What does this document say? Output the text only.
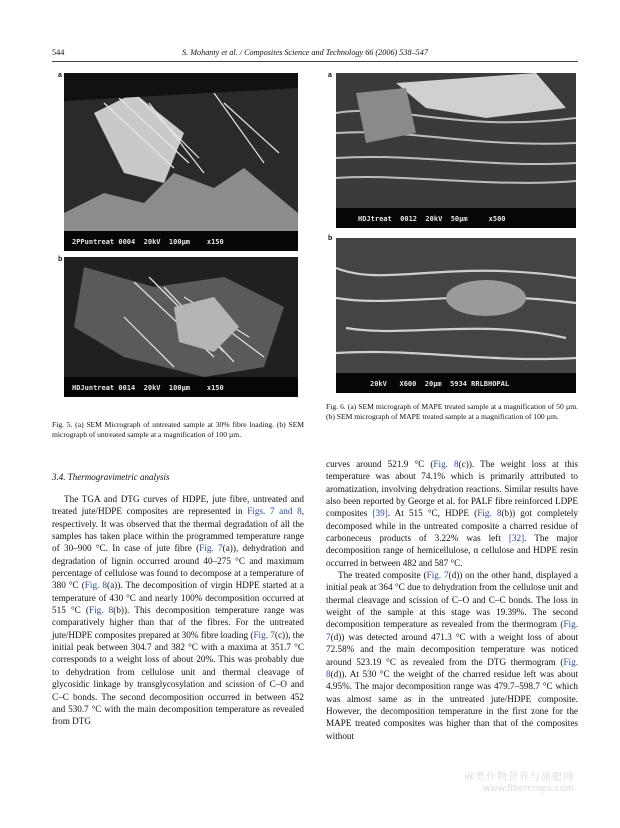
544	S. Mohanty et al. / Composites Science and Technology 66 (2006) 538–547
a
2PPuntreat 0004  20kV  100µm    x150
b
HDJuntreat 0014  20kV  100µm    x150
Fig. 5. (a) SEM Micrograph of untreated sample at 30% fibre loading. (b) SEM micrograph of untreated sample at a magnification of 100 µm.
a
HDJtreat  0012  20kV  50µm     x500
b
20kV   X600  20µm  5934 RRLBHOPAL
Fig. 6. (a) SEM micrograph of MAPE treated sample at a magnification of 50 µm. (b) SEM micrograph of MAPE treated sample at a magnification of 100 µm.
3.4. Thermogravimetric analysis

The TGA and DTG curves of HDPE, jute fibre, untreated and treated jute/HDPE composites are represented in Figs. 7 and 8, respectively. It was observed that the thermal degradation of all the samples has taken place within the programmed temperature range of 30–900 °C. In case of jute fibre (Fig. 7(a)), dehydration and degradation of lignin occurred around 40–275 °C and maximum percentage of cellulose was found to decompose at a temperature of 380 °C (Fig. 8(a)). The decomposition of virgin HDPE started at a temperature of 430 °C and nearly 100% decomposition occurred at 515 °C (Fig. 8(b)). This decomposition temperature range was comparatively higher than that of the fibres. For the untreated jute/HDPE composites prepared at 30% fibre loading (Fig. 7(c)), the initial peak between 304.7 and 382 °C with a maxima at 351.7 °C corresponds to a weight loss of about 20%. This was probably due to dehydration from cellulose unit and thermal cleavage of glycosidic linkage by transglycosylation and scission of C–O and C–C bonds. The second decomposition occurred in between 452 and 530.7 °C with the main decomposition temperature as revealed from DTG

curves around 521.9 °C (Fig. 8(c)). The weight loss at this temperature was about 74.1% which is primarily attributed to aromatization, involving dehydration reactions. Similar results have also been reported by George et al. for PALF fibre reinforced LDPE composites [39]. At 515 °C, HDPE (Fig. 8(b)) got completely decomposed while in the untreated composite a charred residue of carboneceus products of 3.22% was left [32]. The major decomposition range of hemicellulose, α cellulose and HDPE resin occurred in between 482 and 587 °C.

The treated composite (Fig. 7(d)) on the other hand, displayed a initial peak at 364 °C due to dehydration from the cellulose unit and thermal cleavage and scission of C–O and C–C bonds. The loss in weight of the sample at this stage was 19.39%. The second decomposition temperature as revealed from the thermogram (Fig. 7(d)) was detected around 471.3 °C with a weight loss of about 72.58% and the main decomposition temperature was noticed around 523.19 °C as revealed from the DTG thermogram (Fig. 8(d)). At 530 °C the weight of the charred residue left was about 4.95%. The major decomposition range was 479.7–598.7 °C which was almost same as in the untreated jute/HDPE composite. However, the decomposition temperature in the first zone for the MAPE treated composites was higher than that of the composites without

麻类作物营养与施肥网
www.fibercrops.com
